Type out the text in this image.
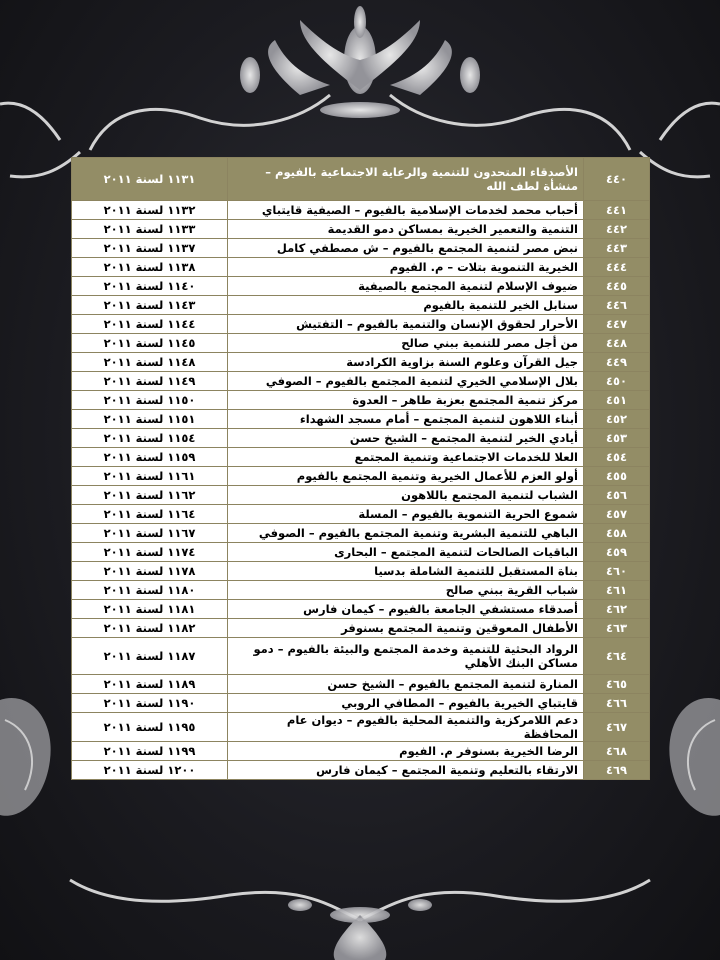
٤٤٠	الأصدقاء المتحدون للتنمية والرعاية الاجتماعية بالفيوم – منشأة لطف الله	١١٣١ لسنة ٢٠١١
٤٤١	أحباب محمد لخدمات الإسلامية بالفيوم – الصيفية قايتباي	١١٣٢ لسنة ٢٠١١
٤٤٢	التنمية والتعمير الخيرية بمساكن دمو القديمة	١١٣٣ لسنة ٢٠١١
٤٤٣	نبض مصر لتنمية المجتمع بالفيوم – ش مصطفي كامل	١١٣٧ لسنة ٢٠١١
٤٤٤	الخيرية التنموية بتلات – م. الفيوم	١١٣٨ لسنة ٢٠١١
٤٤٥	ضيوف الإسلام لتنمية المجتمع بالصيفية	١١٤٠ لسنة ٢٠١١
٤٤٦	سنابل الخير للتنمية بالفيوم	١١٤٣ لسنة ٢٠١١
٤٤٧	الأحرار لحقوق الإنسان والتنمية بالفيوم – التفتيش	١١٤٤ لسنة ٢٠١١
٤٤٨	من أجل مصر للتنمية ببني صالح	١١٤٥ لسنة ٢٠١١
٤٤٩	جيل القرآن وعلوم السنة بزاوية الكرادسة	١١٤٨ لسنة ٢٠١١
٤٥٠	بلال الإسلامي الخيري لتنمية المجتمع بالفيوم – الصوفي	١١٤٩ لسنة ٢٠١١
٤٥١	مركز تنمية المجتمع بعزبة طاهر – العدوة	١١٥٠ لسنة ٢٠١١
٤٥٢	أبناء اللاهون لتنمية المجتمع – أمام مسجد الشهداء	١١٥١ لسنة ٢٠١١
٤٥٣	أيادي الخير لتنمية المجتمع – الشيخ حسن	١١٥٤ لسنة ٢٠١١
٤٥٤	العلا للخدمات الاجتماعية وتنمية المجتمع	١١٥٩ لسنة ٢٠١١
٤٥٥	أولو العزم للأعمال الخيرية وتنمية المجتمع بالفيوم	١١٦١ لسنة ٢٠١١
٤٥٦	الشباب لتنمية المجتمع باللاهون	١١٦٢ لسنة ٢٠١١
٤٥٧	شموع الحرية التنموية بالفيوم – المسلة	١١٦٤ لسنة ٢٠١١
٤٥٨	الباهي للتنمية البشرية وتنمية المجتمع بالفيوم – الصوفي	١١٦٧ لسنة ٢٠١١
٤٥٩	الباقيات الصالحات لتنمية المجتمع – البحارى	١١٧٤ لسنة ٢٠١١
٤٦٠	بناة المستقبل للتنمية الشاملة بدسيا	١١٧٨ لسنة ٢٠١١
٤٦١	شباب القرية ببني صالح	١١٨٠ لسنة ٢٠١١
٤٦٢	أصدقاء مستشفي الجامعة بالفيوم – كيمان فارس	١١٨١ لسنة ٢٠١١
٤٦٣	الأطفال المعوقين وتنمية المجتمع بسنوفر	١١٨٢ لسنة ٢٠١١
٤٦٤	الرواد البحثية للتنمية وخدمة المجتمع والبيئة بالفيوم – دمو مساكن البنك الأهلي	١١٨٧ لسنة ٢٠١١
٤٦٥	المنارة لتنمية المجتمع بالفيوم – الشيخ حسن	١١٨٩ لسنة ٢٠١١
٤٦٦	قايتباي الخيرية بالفيوم – المطافي الروبي	١١٩٠ لسنة ٢٠١١
٤٦٧	دعم اللامركزية والتنمية المحلية بالفيوم – ديوان عام المحافظة	١١٩٥ لسنة ٢٠١١
٤٦٨	الرضا الخيرية بسنوفر م. الفيوم	١١٩٩ لسنة ٢٠١١
٤٦٩	الارتقاء بالتعليم وتنمية المجتمع – كيمان فارس	١٢٠٠ لسنة ٢٠١١
